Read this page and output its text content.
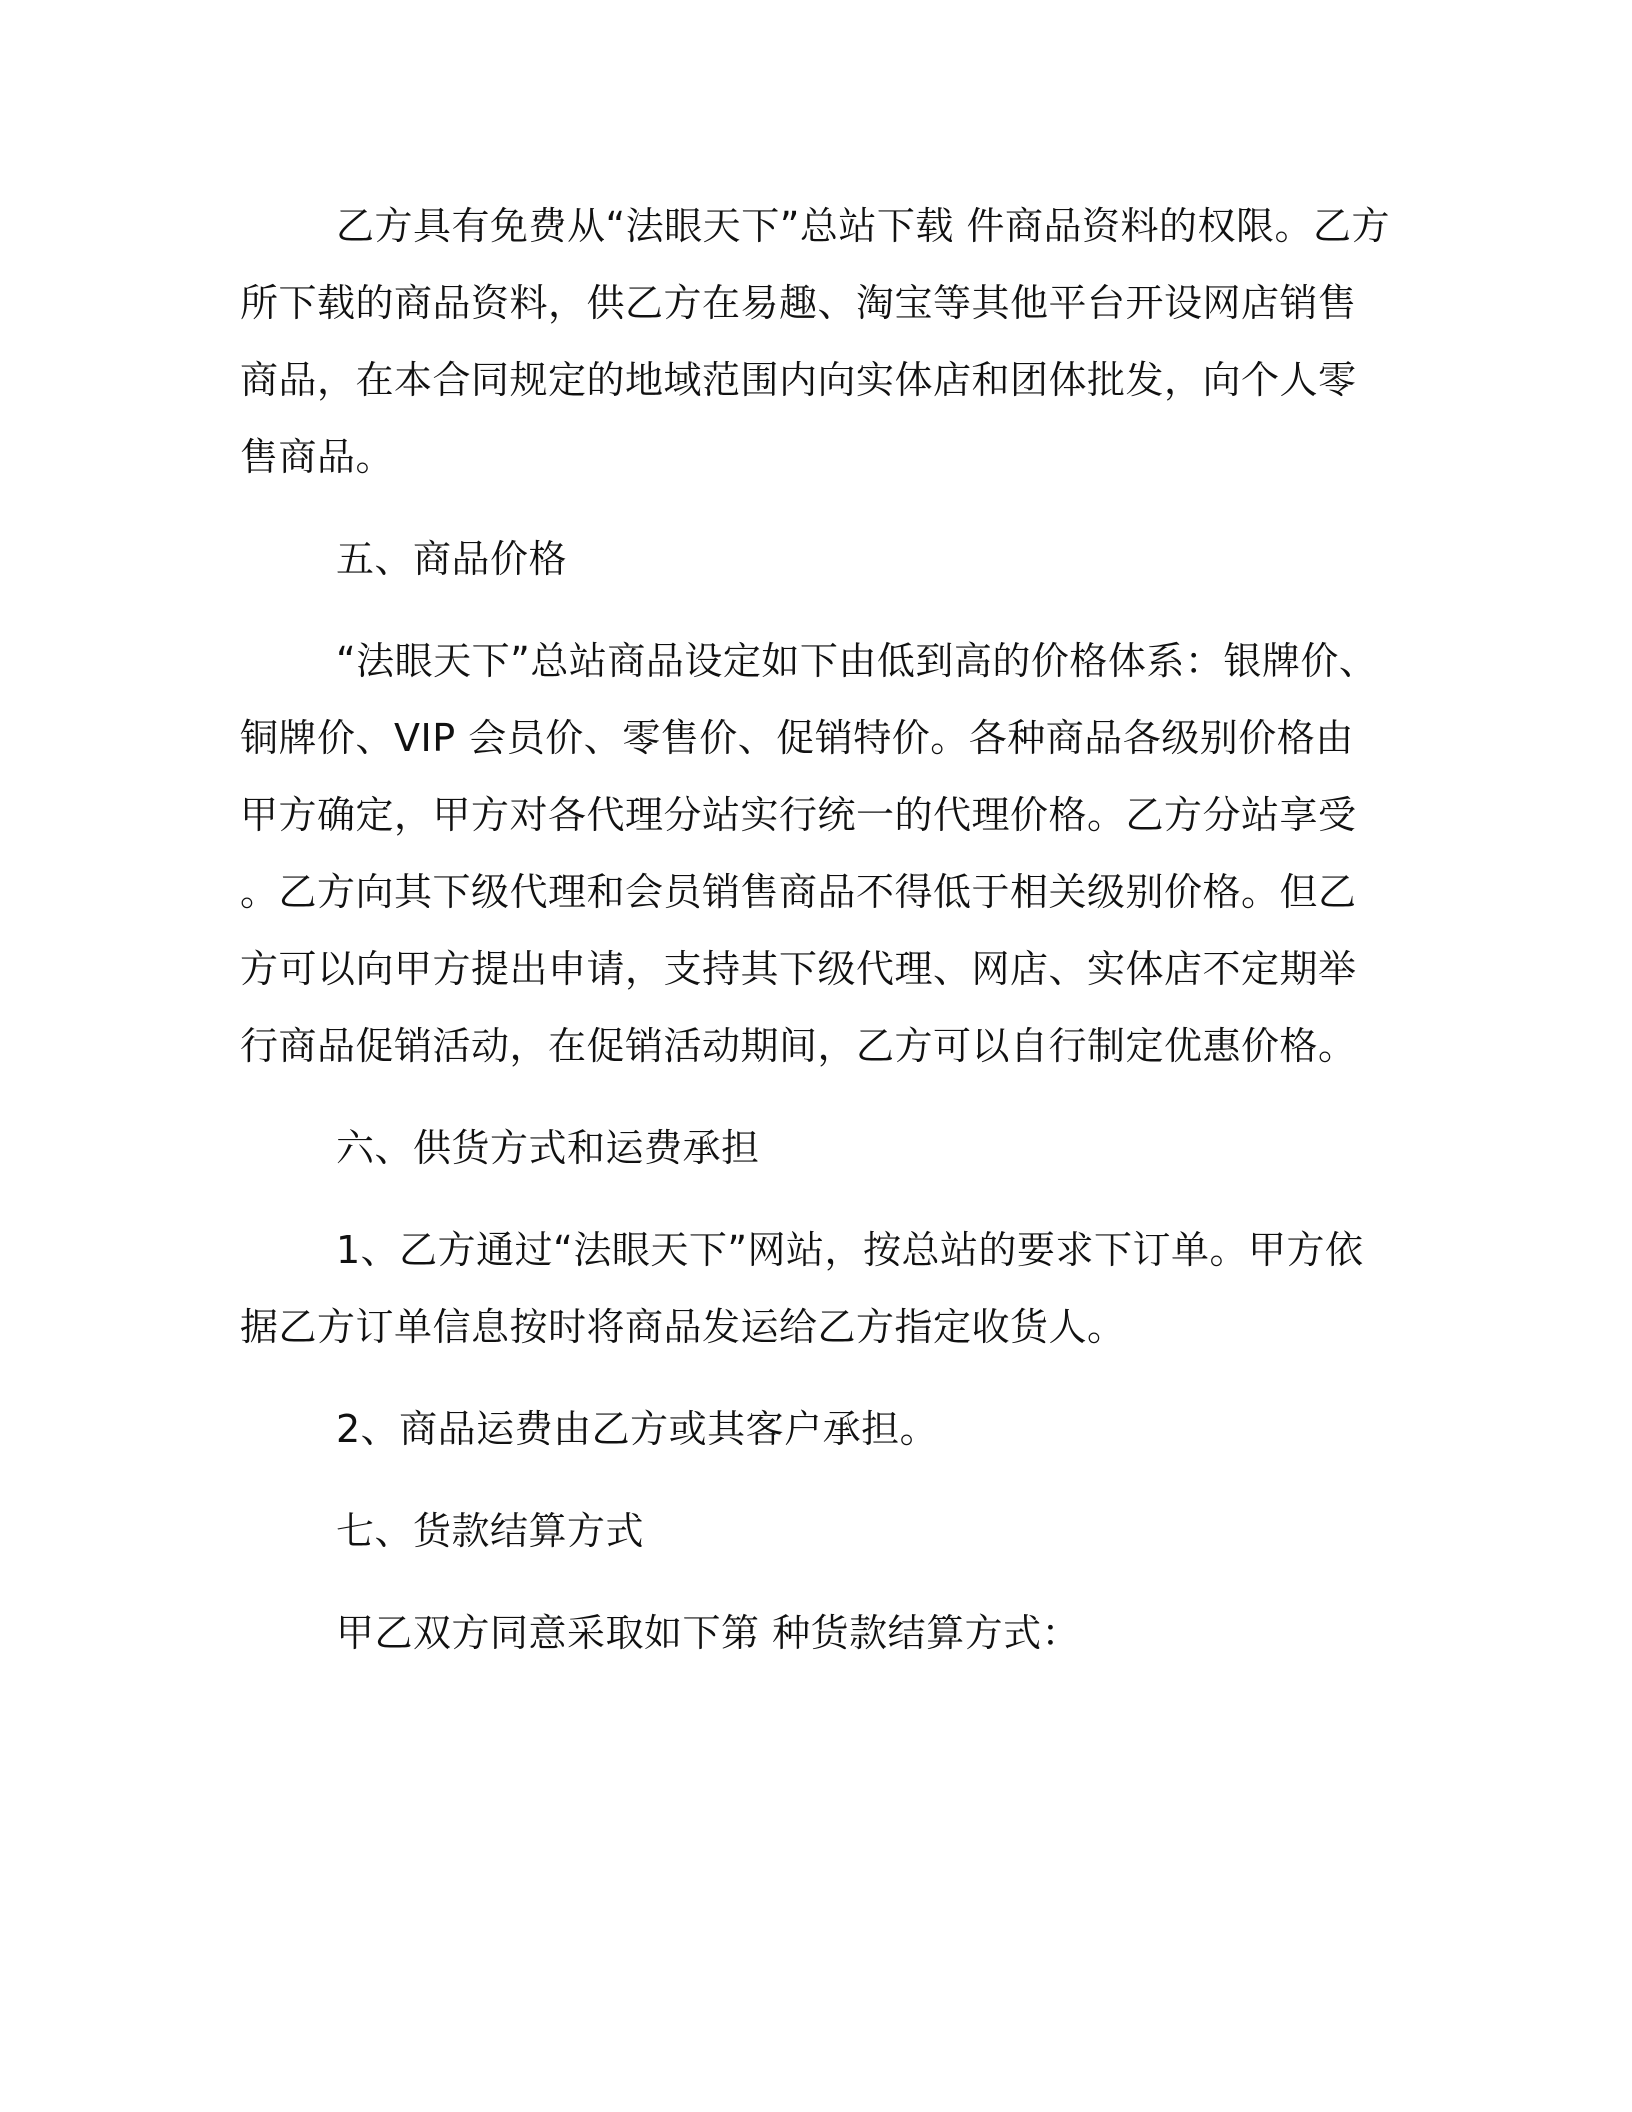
乙方具有免费从“法眼天下”总站下载 件商品资料的权限。乙方所下载的商品资料，供乙方在易趣、淘宝等其他平台开设网店销售商品，在本合同规定的地域范围内向实体店和团体批发，向个人零售商品。

五、商品价格

“法眼天下”总站商品设定如下由低到高的价格体系：银牌价、铜牌价、VIP 会员价、零售价、促销特价。各种商品各级别价格由甲方确定，甲方对各代理分站实行统一的代理价格。乙方分站享受 。乙方向其下级代理和会员销售商品不得低于相关级别价格。但乙方可以向甲方提出申请，支持其下级代理、网店、实体店不定期举行商品促销活动，在促销活动期间，乙方可以自行制定优惠价格。

六、供货方式和运费承担

1、乙方通过“法眼天下”网站，按总站的要求下订单。甲方依据乙方订单信息按时将商品发运给乙方指定收货人。

2、商品运费由乙方或其客户承担。

七、货款结算方式

甲乙双方同意采取如下第 种货款结算方式：
